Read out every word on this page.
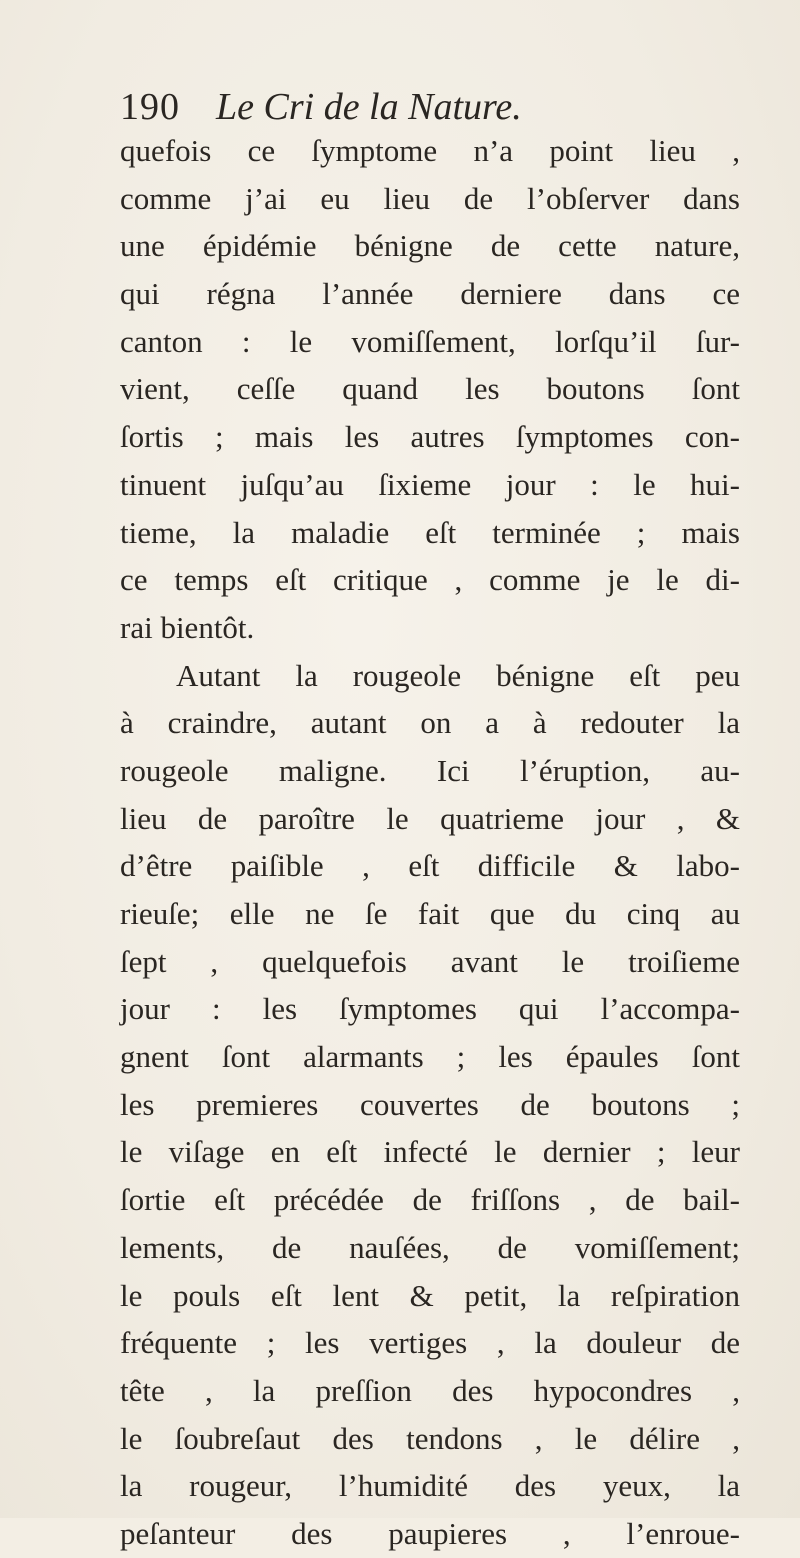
190 Le Cri de la Nature.
quefois ce ſymptome n’a point lieu ,
comme j’ai eu lieu de l’obſerver dans
une épidémie bénigne de cette nature,
qui régna l’année derniere dans ce
canton : le vomiſſement, lorſqu’il ſur-
vient, ceſſe quand les boutons ſont
ſortis ; mais les autres ſymptomes con-
tinuent juſqu’au ſixieme jour : le hui-
tieme, la maladie eſt terminée ; mais
ce temps eſt critique , comme je le di-
rai bientôt.
Autant la rougeole bénigne eſt peu
à craindre, autant on a à redouter la
rougeole maligne. Ici l’éruption, au-
lieu de paroître le quatrieme jour , &
d’être paiſible , eſt difficile & labo-
rieuſe; elle ne ſe fait que du cinq au
ſept , quelquefois avant le troiſieme
jour : les ſymptomes qui l’accompa-
gnent ſont alarmants ; les épaules ſont
les premieres couvertes de boutons ;
le viſage en eſt infecté le dernier ; leur
ſortie eſt précédée de friſſons , de bail-
lements, de nauſées, de vomiſſement;
le pouls eſt lent & petit, la reſpiration
fréquente ; les vertiges , la douleur de
tête , la preſſion des hypocondres ,
le ſoubreſaut des tendons , le délire ,
la rougeur, l’humidité des yeux, la
peſanteur des paupieres , l’enroue-
